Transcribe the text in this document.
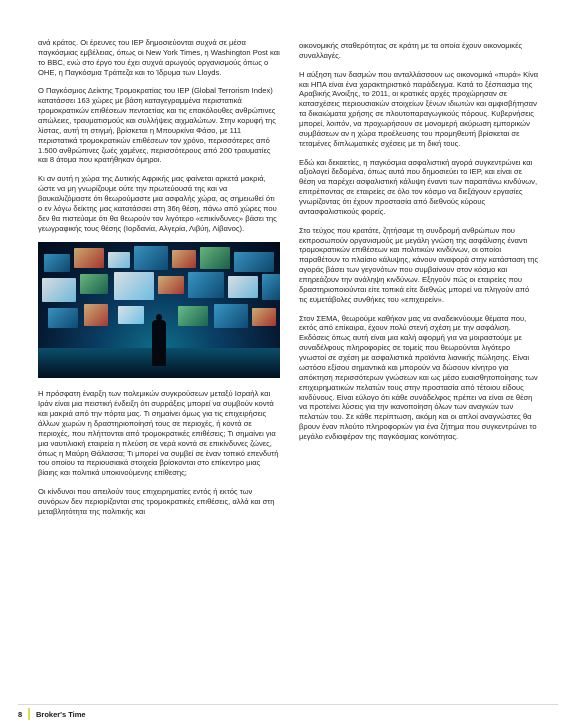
ανά κράτος. Οι έρευνες του IEP δημοσιεύονται συχνά σε μέσα παγκόσμιας εμβέλειας, όπως οι New York Times, η Washington Post και το BBC, ενώ στο έργο του έχει συχνά αρωγούς οργανισμούς όπως ο ΟΗΕ, η Παγκόσμια Τράπεζα και το Ίδρυμα των Lloyds.

Ο Παγκόσμιος Δείκτης Τρομοκρατίας του IEP (Global Terrorism Index) κατατάσσει 163 χώρες με βάση καταγεγραμμένα περιστατικά τρομοκρατικών επιθέσεων πενταετίας και τις επακόλουθες ανθρώπινες απώλειες, τραυματισμούς και συλλήψεις αιχμαλώτων. Στην κορυφή της λίστας, αυτή τη στιγμή, βρίσκεται η Μπουρκίνα Φάσο, με 111 περιστατικά τρομοκρατικών επιθέσεων τον χρόνο, περισσότερες από 1.500 ανθρώπινες ζωές χαμένες, περισσότερους από 200 τραυματίες και 8 άτομα που κρατήθηκαν όμηροι.

Κι αν αυτή η χώρα της Δυτικής Αφρικής μας φαίνεται αρκετά μακριά, ώστε να μη γνωρίζουμε ούτε την πρωτεύουσά της και να βαυκαλιζόμαστε ότι θεωρούμαστε μια ασφαλής χώρα, ας σημειωθεί ότι ο εν λόγω δείκτης μας κατατάσσει στη 36η θέση, πάνω από χώρες που δεν θα πιστεύαμε ότι θα θεωρούν τον λιγότερο «επικίνδυνες» βάσει της γεωγραφικής τους θέσης (Ιορδανία, Αλγερία, Λιβύη, Λίβανος).

Η πρόσφατη έναρξη των πολεμικών συγκρούσεων μεταξύ Ισραήλ και Ιράν είναι μια πειστική ένδειξη ότι συρράξεις μπορεί να συμβούν κοντά και μακριά από την πόρτα μας. Τι σημαίνει όμως για τις επιχειρήσεις άλλων χωρών η δραστηριοποίησή τους σε περιοχές, ή κοντά σε περιοχές, που πλήττονται από τρομοκρατικές επιθέσεις; Τι σημαίνει για μια ναυτιλιακή εταιρεία η πλεύση σε νερά κοντά σε επικίνδυνες ζώνες, όπως η Μαύρη Θάλασσα; Τι μπορεί να συμβεί σε έναν τοπικό επενδυτή του οποίου τα περιουσιακά στοιχεία βρίσκονται στο επίκεντρο μιας βίαιης και πολιτικά υποκινούμενης επίθεσης;

Οι κίνδυνοι που απειλούν τους επιχειρηματίες εντός ή εκτός των συνόρων δεν περιορίζονται στις τρομοκρατικές επιθέσεις, αλλά και στη μεταβλητότητα της πολιτικής και

οικονομικής σταθερότητας σε κράτη με τα οποία έχουν οικονομικές συναλλαγές.

Η αύξηση των δασμών που ανταλλάσσουν ως οικονομικά «πυρά» Κίνα και ΗΠΑ είναι ένα χαρακτηριστικό παράδειγμα. Κατά το ξέσπασμα της Αραβικής Άνοιξης, το 2011, οι κρατικές αρχές προχώρησαν σε κατασχέσεις περιουσιακών στοιχείων ξένων ιδιωτών και αμφισβήτησαν τα δικαιώματα χρήσης σε πλουτοπαραγωγικούς πόρους. Κυβερνήσεις μπορεί, λοιπόν, να προχωρήσουν σε μονομερή ακύρωση εμπορικών συμβάσεων αν η χώρα προέλευσης του προμηθευτή βρίσκεται σε τεταμένες διπλωματικές σχέσεις με τη δική τους.

Εδώ και δεκαετίες, η παγκόσμια ασφαλιστική αγορά συγκεντρώνει και αξιολογεί δεδομένα, όπως αυτά που δημοσιεύει το IEP, και είναι σε θέση να παρέχει ασφαλιστική κάλυψη έναντι των παραπάνω κινδύνων, επιτρέποντας σε εταιρείες σε όλο τον κόσμο να διεξάγουν εργασίες γνωρίζοντας ότι έχουν προστασία από διεθνούς κύρους αντασφαλιστικούς φορείς.

Στο τεύχος που κρατάτε, ζητήσαμε τη συνδρομή ανθρώπων που εκπροσωπούν οργανισμούς με μεγάλη γνώση της ασφάλισης έναντι τρομοκρατικών επιθέσεων και πολιτικών κινδύνων, οι οποίοι παραθέτουν το πλαίσιο κάλυψης, κάνουν αναφορά στην κατάσταση της αγοράς βάσει των γεγονότων που συμβαίνουν στον κόσμο και επηρεάζουν την ανάληψη κινδύνων. Εξηγούν πώς οι εταιρείες που δραστηριοποιούνται είτε τοπικά είτε διεθνώς μπορεί να πληγούν από τις ευμετάβολες συνθήκες του «επιχειρείν».

Στον ΣΕΜΑ, θεωρούμε καθήκον μας να αναδεικνύουμε θέματα που, εκτός από επίκαιρα, έχουν πολύ στενή σχέση με την ασφάλιση. Εκδόσεις όπως αυτή είναι μια καλή αφορμή για να μοιραστούμε με συναδέλφους πληροφορίες σε τομείς που θεωρούνται λιγότερο γνωστοί σε σχέση με ασφαλιστικά προϊόντα λιανικής πώλησης. Είναι ωστόσο εξίσου σημαντικά και μπορούν να δώσουν κίνητρο για απόκτηση περισσότερων γνώσεων και ως μέσο ευαισθητοποίησης των επιχειρηματικών πελατών τους στην προστασία από τέτοιου είδους κινδύνους. Είναι εύλογο ότι κάθε συνάδελφος πρέπει να είναι σε θέση να προτείνει λύσεις για την ικανοποίηση όλων των αναγκών των πελατών του. Σε κάθε περίπτωση, ακόμη και οι απλοί αναγνώστες θα βρουν έναν πλούτο πληροφοριών για ένα ζήτημα που συγκεντρώνει το μεγάλο ενδιαφέρον της παγκόσμιας κοινότητας.

8 Broker's Time
